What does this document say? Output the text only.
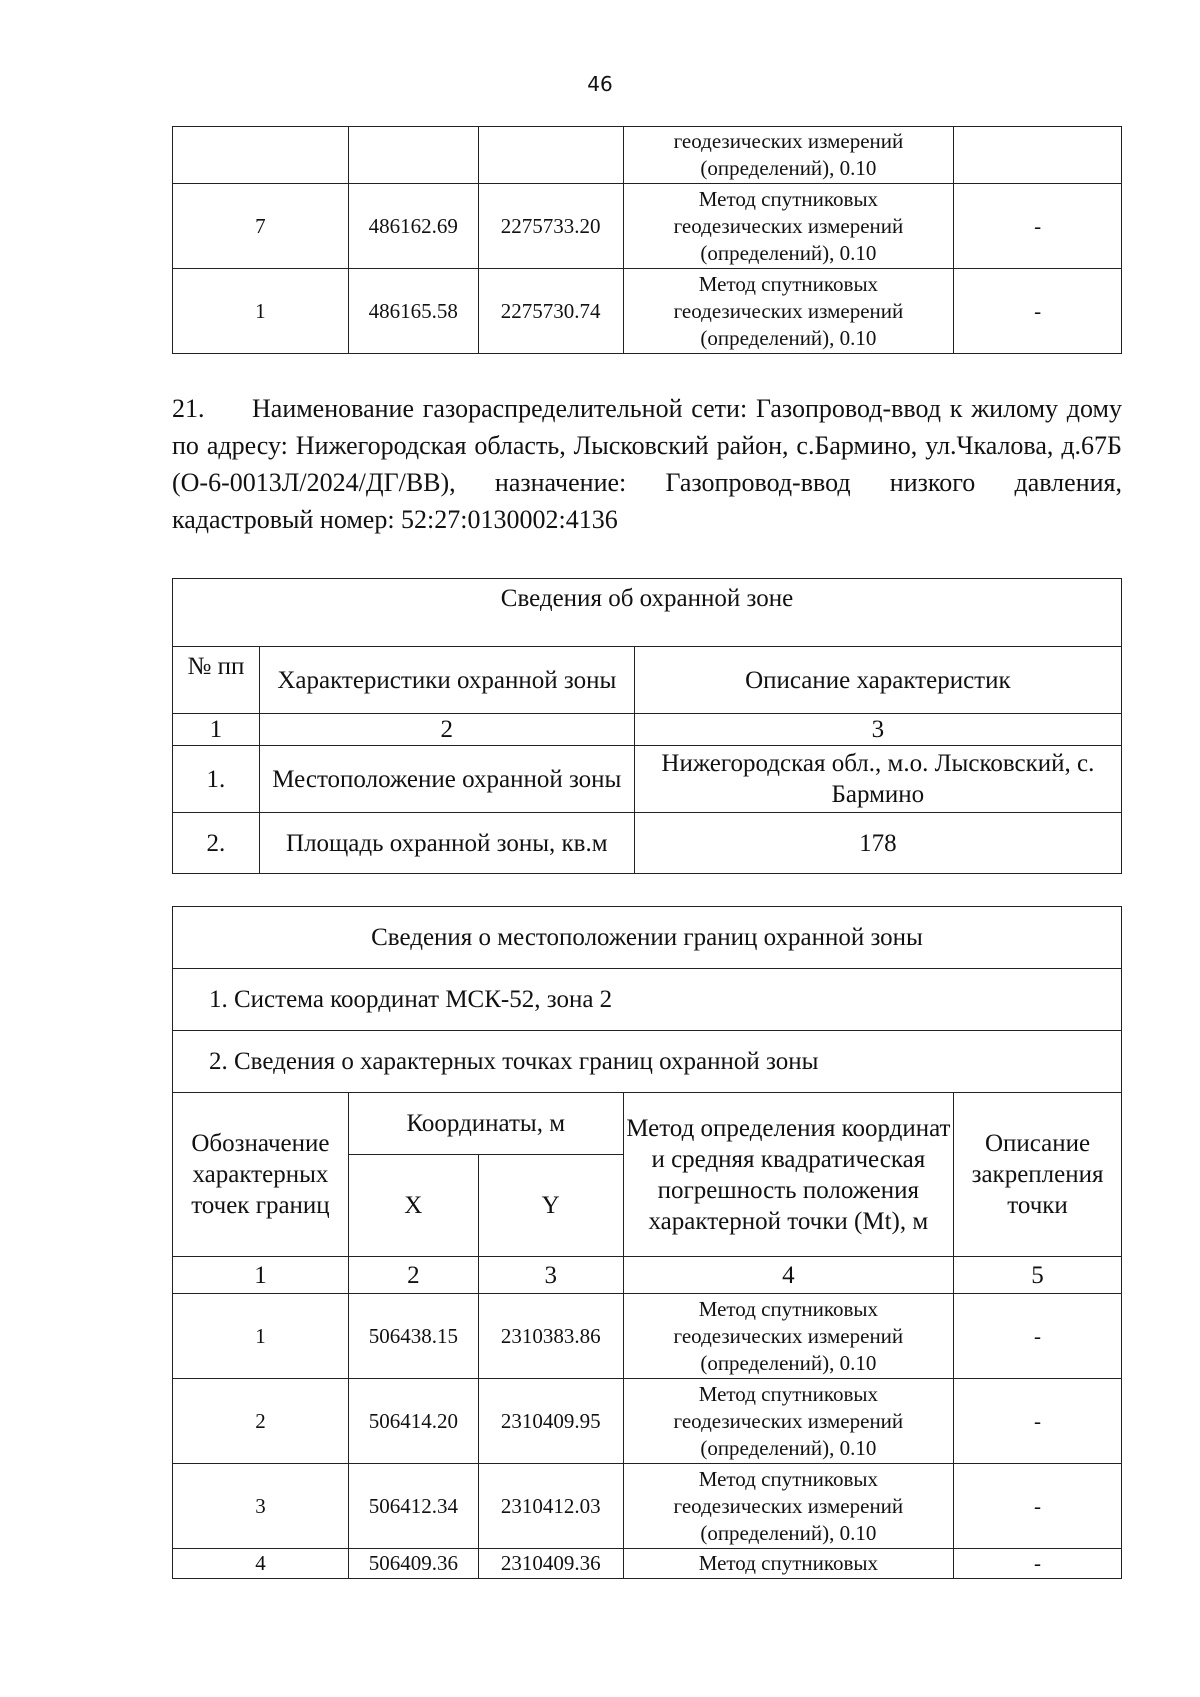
46

			геодезических измерений
(определений), 0.10	

7	486162.69	2275733.20	Метод спутниковых
геодезических измерений
(определений), 0.10	-
1	486165.58	2275730.74	Метод спутниковых
геодезических измерений
(определений), 0.10	-
21. Наименование газораспределительной сети: Газопровод-ввод к жилому дому по адресу: Нижегородская область, Лысковский район, с.Бармино, ул.Чкалова, д.67Б (О-6-0013Л/2024/ДГ/ВВ), назначение: Газопровод-ввод низкого давления, кадастровый номер: 52:27:0130002:4136
Сведения об охранной зоне		
№ пп	Характеристики охранной зоны	Описание характеристик
1	2	3
1.	Местоположение охранной зоны	Нижегородская обл., м.о. Лысковский, с. Бармино
2.	Площадь охранной зоны, кв.м	178
Сведения о местоположении границ охранной зоны				
1. Система координат МСК-52, зона 2				
2. Сведения о характерных точках границ охранной зоны				
Обозначение характерных точек границ	Координаты, м		Метод определения координат и средняя квадратическая погрешность положения характерной точки (Mt), м	Описание закрепления точки
	X	Y		
1	2	3	4	5
1	506438.15	2310383.86	Метод спутниковых
геодезических измерений
(определений), 0.10	-
2	506414.20	2310409.95	Метод спутниковых
геодезических измерений
(определений), 0.10	-
3	506412.34	2310412.03	Метод спутниковых
геодезических измерений
(определений), 0.10	-
4	506409.36	2310409.36	Метод спутниковых	-
